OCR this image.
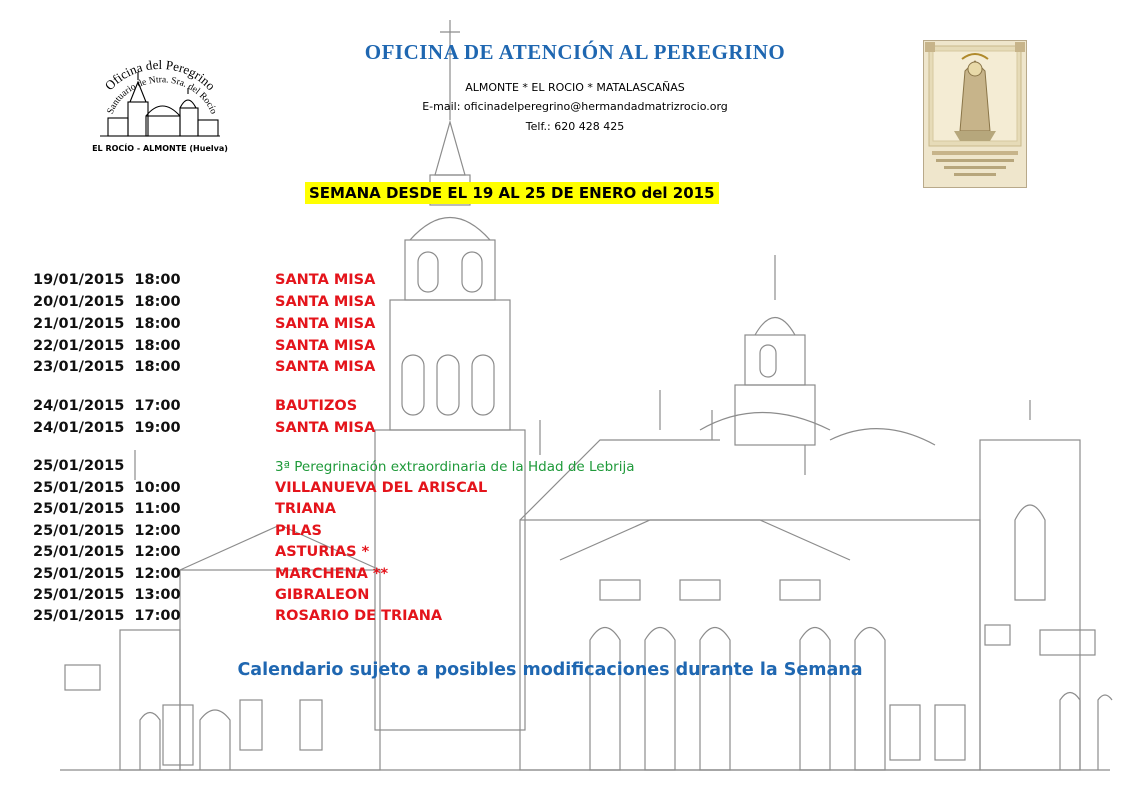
Oficina del Peregrino
Santuario de Ntra. Sra. del Rocío
EL ROCÍO - ALMONTE (Huelva)
OFICINA DE ATENCIÓN AL PEREGRINO
ALMONTE * EL ROCIO * MATALASCAÑAS
E-mail: oficinadelperegrino@hermandadmatrizrocio.org
Telf.: 620 428 425
SEMANA DESDE EL 19 AL 25 DE ENERO del 2015
19/01/2015  18:00	SANTA MISA
20/01/2015  18:00	SANTA MISA
21/01/2015  18:00	SANTA MISA
22/01/2015  18:00	SANTA MISA
23/01/2015  18:00	SANTA MISA
24/01/2015  17:00	BAUTIZOS
24/01/2015  19:00	SANTA MISA
25/01/2015	3ª Peregrinación extraordinaria de la Hdad de Lebrija
25/01/2015  10:00	VILLANUEVA DEL ARISCAL
25/01/2015  11:00	TRIANA
25/01/2015  12:00	PILAS
25/01/2015  12:00	ASTURIAS *
25/01/2015  12:00	MARCHENA **
25/01/2015  13:00	GIBRALEON
25/01/2015  17:00	ROSARIO DE TRIANA
Calendario sujeto a posibles modificaciones durante la Semana
